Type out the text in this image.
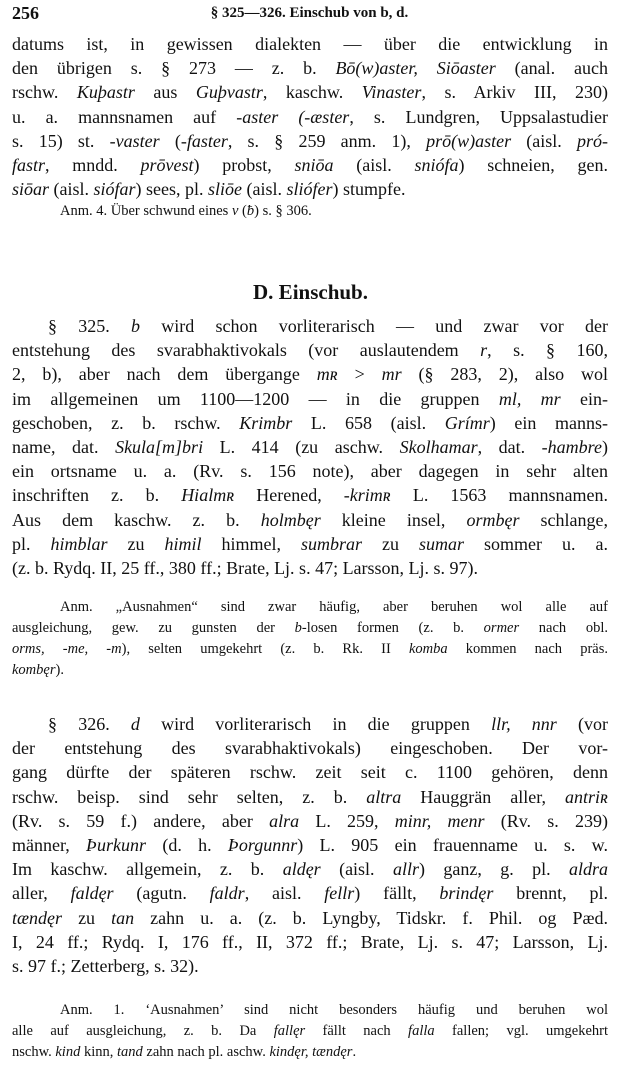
256	§ 325—326. Einschub von b, d.
datums ist, in gewissen dialekten — über die entwicklung in
den übrigen s. § 273 — z. b. Bō(w)aster, Siōaster (anal. auch
rschw. Kuþastr aus Guþvastr, kaschw. Vinaster, s. Arkiv III, 230)
u. a. mannsnamen auf -aster (-æster, s. Lundgren, Uppsalastudier
s. 15) st. -vaster (-faster, s. § 259 anm. 1), prō(w)aster (aisl. pró-
fastr, mndd. prōvest) probst, sniōa (aisl. sniófa) schneien, gen.
siōar (aisl. siófar) sees, pl. sliōe (aisl. sliófer) stumpfe.
Anm. 4. Über schwund eines v (ƀ) s. § 306.
D. Einschub.
§ 325. b wird schon vorliterarisch — und zwar vor der
entstehung des svarabhaktivokals (vor auslautendem r, s. § 160,
2, b), aber nach dem übergange mʀ > mr (§ 283, 2), also wol
im allgemeinen um 1100—1200 — in die gruppen ml, mr ein-
geschoben, z. b. rschw. Krimbr L. 658 (aisl. Grímr) ein manns-
name, dat. Skula[m]bri L. 414 (zu aschw. Skolhamar, dat. -hambre)
ein ortsname u. a. (Rv. s. 156 note), aber dagegen in sehr alten
inschriften z. b. Hialmʀ Herened, -krimʀ L. 1563 mannsnamen.
Aus dem kaschw. z. b. holmbęr kleine insel, ormbęr schlange,
pl. himblar zu himil himmel, sumbrar zu sumar sommer u. a.
(z. b. Rydq. II, 25 ff., 380 ff.; Brate, Lj. s. 47; Larsson, Lj. s. 97).
Anm. „Ausnahmen“ sind zwar häufig, aber beruhen wol alle auf
ausgleichung, gew. zu gunsten der b-losen formen (z. b. ormer nach obl.
orms, -me, -m), selten umgekehrt (z. b. Rk. II komba kommen nach präs.
kombęr).
§ 326. d wird vorliterarisch in die gruppen llr, nnr (vor
der entstehung des svarabhaktivokals) eingeschoben. Der vor-
gang dürfte der späteren rschw. zeit seit c. 1100 gehören, denn
rschw. beisp. sind sehr selten, z. b. altra Hauggrän aller, antriʀ
(Rv. s. 59 f.) andere, aber alra L. 259, minr, menr (Rv. s. 239)
männer, Þurkunr (d. h. Þorgunnr) L. 905 ein frauenname u. s. w.
Im kaschw. allgemein, z. b. aldęr (aisl. allr) ganz, g. pl. aldra
aller, faldęr (agutn. faldr, aisl. fellr) fällt, brindęr brennt, pl.
tændęr zu tan zahn u. a. (z. b. Lyngby, Tidskr. f. Phil. og Pæd.
I, 24 ff.; Rydq. I, 176 ff., II, 372 ff.; Brate, Lj. s. 47; Larsson, Lj.
s. 97 f.; Zetterberg, s. 32).
Anm. 1. ‘Ausnahmen’ sind nicht besonders häufig und beruhen wol
alle auf ausgleichung, z. b. Da fallęr fällt nach falla fallen; vgl. umgekehrt
nschw. kind kinn, tand zahn nach pl. aschw. kindęr, tændęr.
